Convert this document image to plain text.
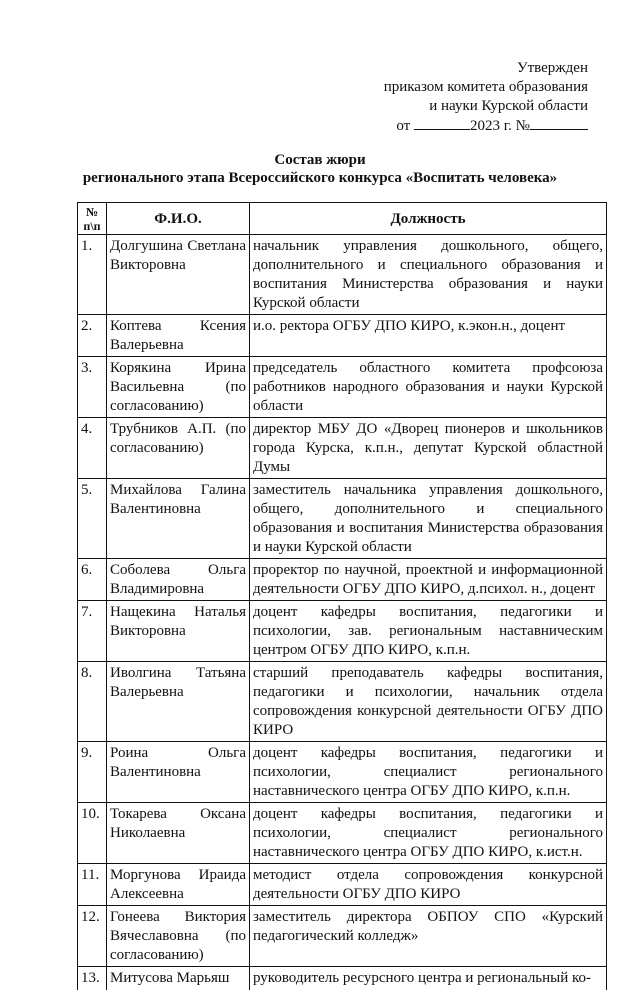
Утвержден
приказом комитета образования
и науки Курской области
от	2023 г. №
Состав жюри
регионального этапа Всероссийского конкурса «Воспитать человека»
№
п\п	Ф.И.О.	Должность
1.	Долгушина Светлана Викторовна	начальник управления дошкольного, общего, дополнительного и специального образования и воспитания Министерства образования и науки Курской области
2.	Коптева Ксения Валерьевна	и.о. ректора ОГБУ ДПО КИРО, к.экон.н., доцент
3.	Корякина Ирина Васильевна (по согласованию)	председатель областного комитета профсоюза работников народного образования и науки Курской области
4.	Трубников А.П. (по согласованию)	директор МБУ ДО «Дворец пионеров и школьников города Курска, к.п.н., депутат Курской областной Думы
5.	Михайлова Галина Валентиновна	заместитель начальника управления дошкольного, общего, дополнительного и специального образования и воспитания Министерства образования и науки Курской области
6.	Соболева Ольга Владимировна	проректор по научной, проектной и информационной деятельности ОГБУ ДПО КИРО, д.психол. н., доцент
7.	Нащекина Наталья Викторовна	доцент кафедры воспитания, педагогики и психологии, зав. региональным наставническим центром ОГБУ ДПО КИРО, к.п.н.
8.	Иволгина Татьяна Валерьевна	старший преподаватель кафедры воспитания, педагогики и психологии, начальник отдела сопровождения конкурсной деятельности ОГБУ ДПО КИРО
9.	Роина Ольга Валентиновна	доцент кафедры воспитания, педагогики и психологии, специалист регионального наставнического центра ОГБУ ДПО КИРО, к.п.н.
10.	Токарева Оксана Николаевна	доцент кафедры воспитания, педагогики и психологии, специалист регионального наставнического центра ОГБУ ДПО КИРО, к.ист.н.
11.	Моргунова Ираида Алексеевна	методист отдела сопровождения конкурсной деятельности ОГБУ ДПО КИРО
12.	Гонеева Виктория Вячеславовна (по согласованию)	заместитель директора ОБПОУ СПО «Курский педагогический колледж»
13.	Митусова Марьяш	руководитель ресурсного центра и региональный ко-
